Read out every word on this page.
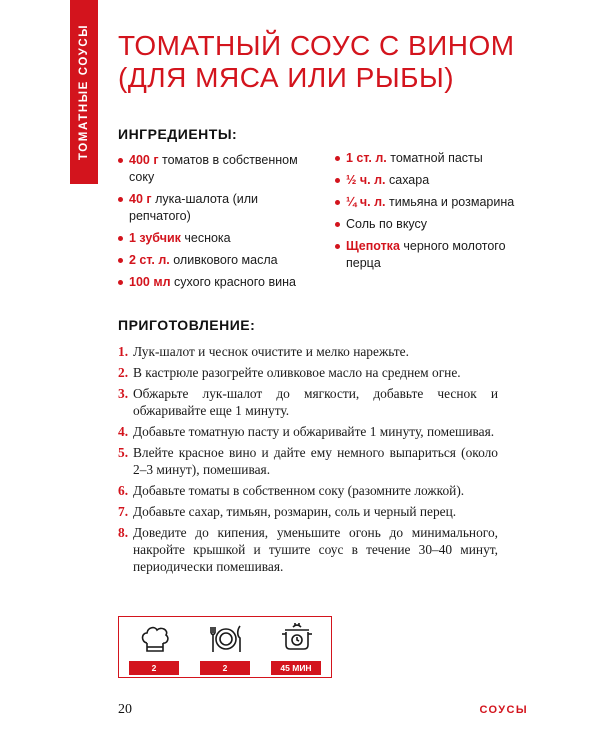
ТОМАТНЫЕ СОУСЫ ТОМАТНЫЙ СОУС С ВИНОМ
(ДЛЯ МЯСА ИЛИ РЫБЫ)
ИНГРЕДИЕНТЫ:
400 г томатов в собственном соку
40 г лука-шалота (или репчатого)
1 зубчик чеснока
2 ст. л. оливкового масла
100 мл сухого красного вина
1 ст. л. томатной пасты
½ ч. л. сахара
¼ ч. л. тимьяна и розмарина
Соль по вкусу
Щепотка черного молотого перца
ПРИГОТОВЛЕНИЕ:
1. Лук-шалот и чеснок очистите и мелко нарежьте.
2. В кастрюле разогрейте оливковое масло на среднем огне.
3. Обжарьте лук-шалот до мягкости, добавьте чеснок и обжаривайте еще 1 минуту.
4. Добавьте томатную пасту и обжаривайте 1 минуту, помешивая.
5. Влейте красное вино и дайте ему немного выпариться (около 2–3 минут), помешивая.
6. Добавьте томаты в собственном соку (разомните ложкой).
7. Добавьте сахар, тимьян, розмарин, соль и черный перец.
8. Доведите до кипения, уменьшите огонь до минимального, накройте крышкой и тушите соус в течение 30–40 минут, периодически помешивая.
2	2	45 МИН
20	СОУСЫ
